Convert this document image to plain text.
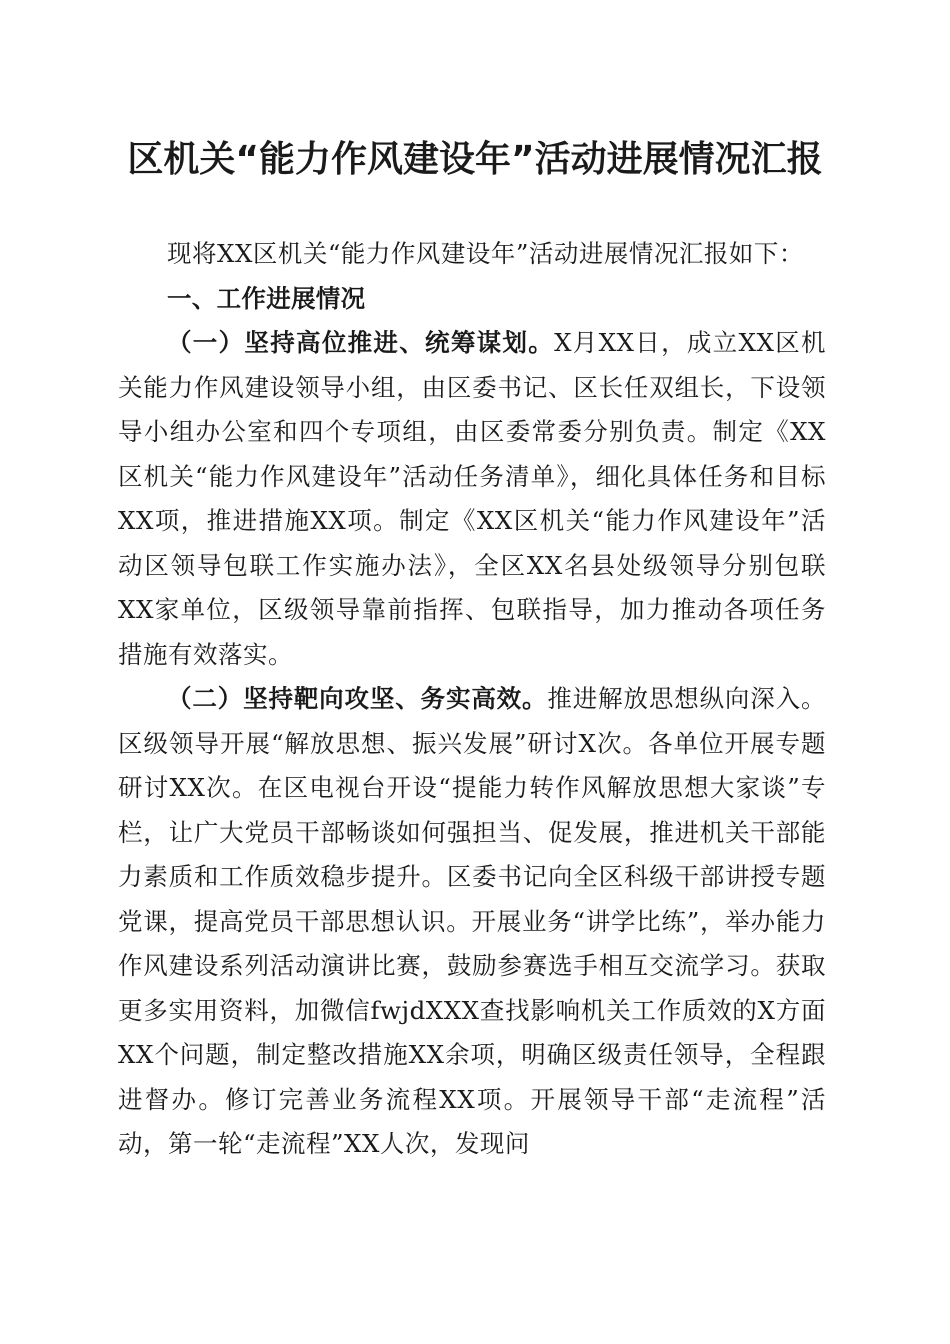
区机关“能力作风建设年”活动进展情况汇报

现将XX区机关“能力作风建设年”活动进展情况汇报如下：

一、工作进展情况

（一）坚持高位推进、统筹谋划。X月XX日，成立XX区机关能力作风建设领导小组，由区委书记、区长任双组长，下设领导小组办公室和四个专项组，由区委常委分别负责。制定《XX区机关“能力作风建设年”活动任务清单》，细化具体任务和目标XX项，推进措施XX项。制定《XX区机关“能力作风建设年”活动区领导包联工作实施办法》，全区XX名县处级领导分别包联XX家单位，区级领导靠前指挥、包联指导，加力推动各项任务措施有效落实。

（二）坚持靶向攻坚、务实高效。推进解放思想纵向深入。区级领导开展“解放思想、振兴发展”研讨X次。各单位开展专题研讨XX次。在区电视台开设“提能力转作风解放思想大家谈”专栏，让广大党员干部畅谈如何强担当、促发展，推进机关干部能力素质和工作质效稳步提升。区委书记向全区科级干部讲授专题党课，提高党员干部思想认识。开展业务“讲学比练”，举办能力作风建设系列活动演讲比赛，鼓励参赛选手相互交流学习。获取更多实用资料，加微信fwjdXXX查找影响机关工作质效的X方面XX个问题，制定整改措施XX余项，明确区级责任领导，全程跟进督办。修订完善业务流程XX项。开展领导干部“走流程”活动，第一轮“走流程”XX人次，发现问
